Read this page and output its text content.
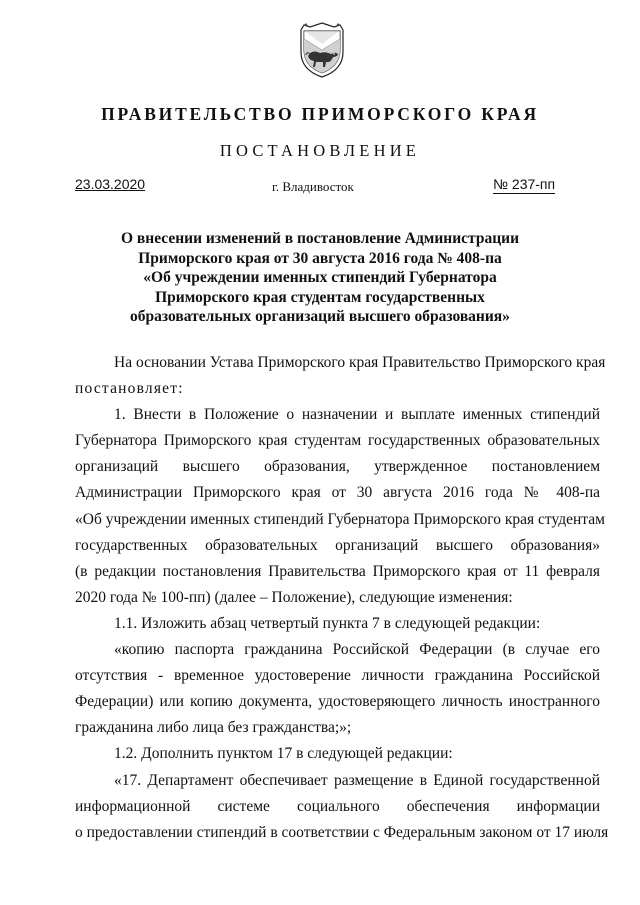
ПРАВИТЕЛЬСТВО ПРИМОРСКОГО КРАЯ
ПОСТАНОВЛЕНИЕ
23.03.2020	г. Владивосток	№ 237-пп
О внесении изменений в постановление Администрации
Приморского края от 30 августа 2016 года № 408-па
«Об учреждении именных стипендий Губернатора
Приморского края студентам государственных
образовательных организаций высшего образования»
На основании Устава Приморского края Правительство Приморского края
постановляет:
1. Внести в Положение о назначении и выплате именных стипендий
Губернатора Приморского края студентам государственных образовательных
организаций высшего образования, утвержденное постановлением
Администрации Приморского края от 30 августа 2016 года № 408-па
«Об учреждении именных стипендий Губернатора Приморского края студентам
государственных образовательных организаций высшего образования»
(в редакции постановления Правительства Приморского края от 11 февраля
2020 года № 100-пп) (далее – Положение), следующие изменения:
1.1. Изложить абзац четвертый пункта 7 в следующей редакции:
«копию паспорта гражданина Российской Федерации (в случае его
отсутствия - временное удостоверение личности гражданина Российской
Федерации) или копию документа, удостоверяющего личность иностранного
гражданина либо лица без гражданства;»;
1.2. Дополнить пунктом 17 в следующей редакции:
«17. Департамент обеспечивает размещение в Единой государственной
информационной системе социального обеспечения информации
о предоставлении стипендий в соответствии с Федеральным законом от 17 июля
